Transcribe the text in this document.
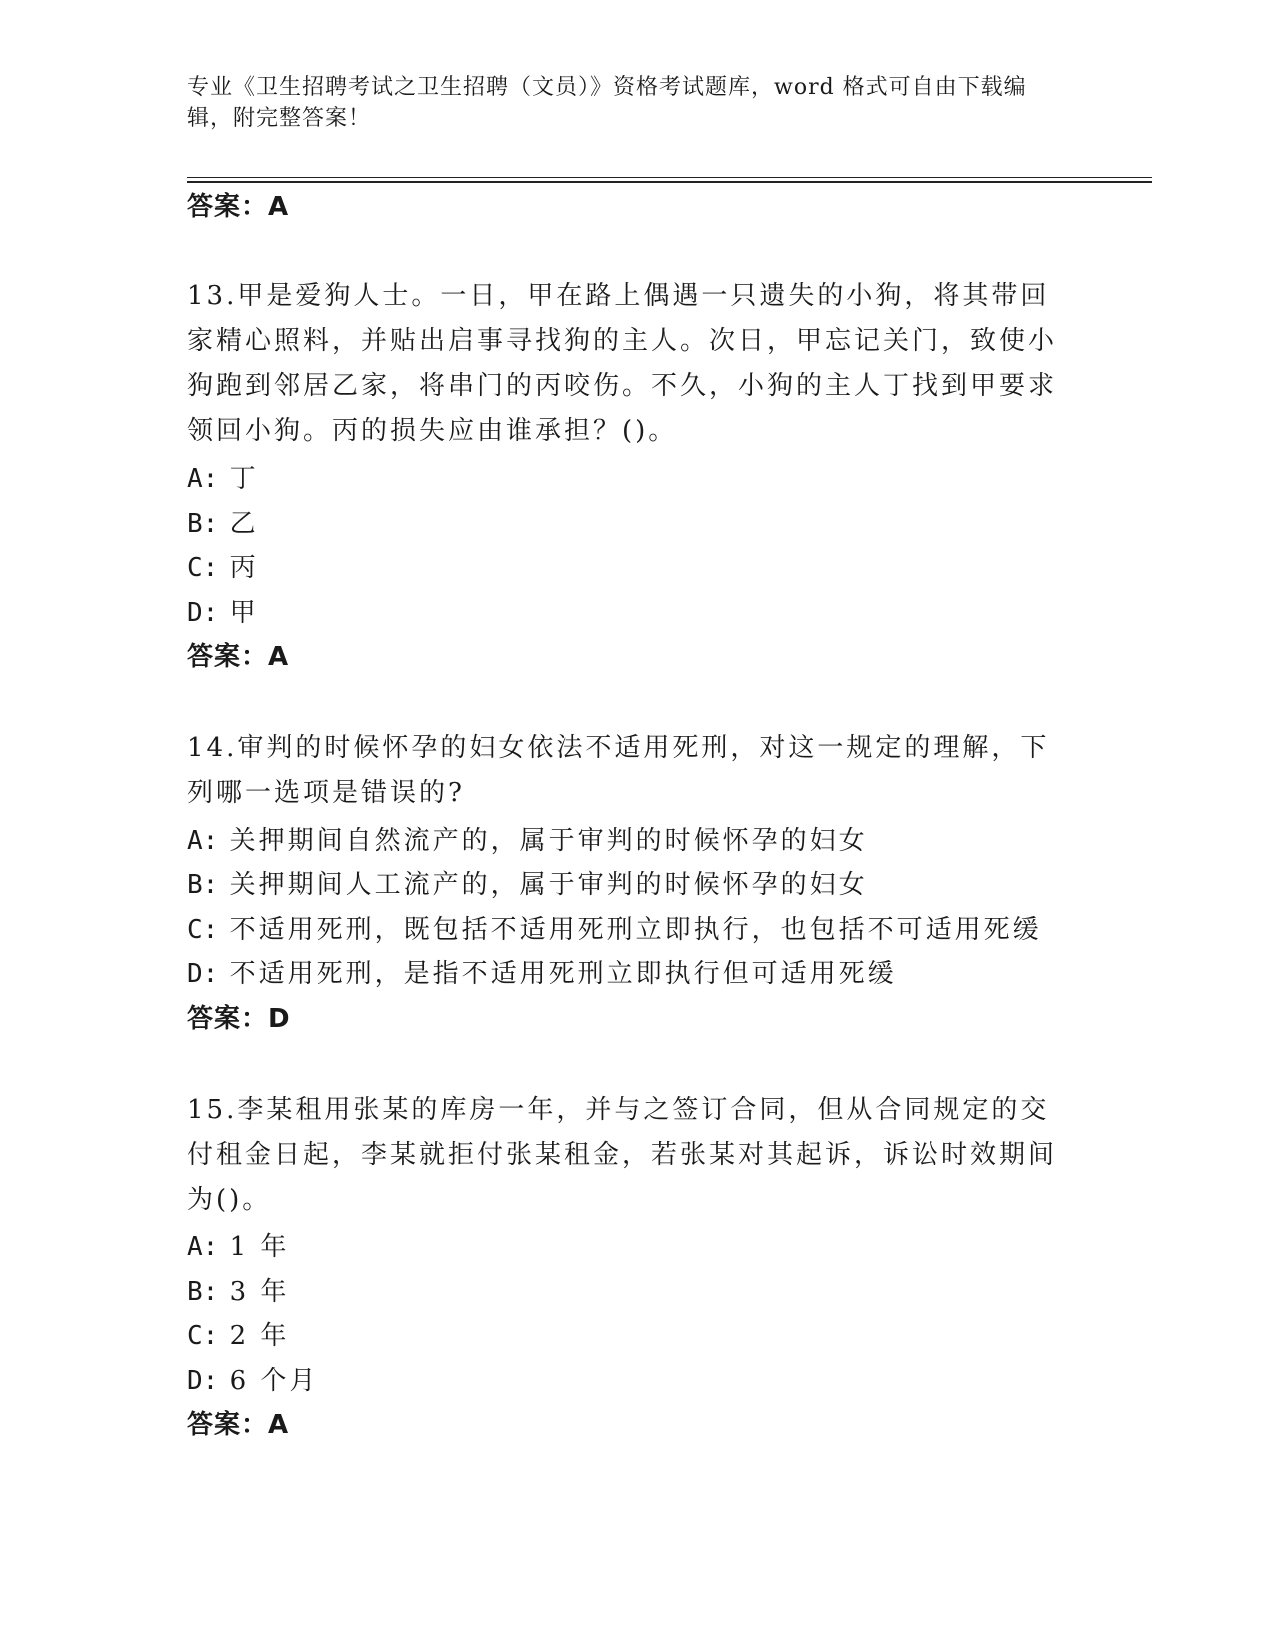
专业《卫生招聘考试之卫生招聘（文员）》资格考试题库，word 格式可自由下载编辑，附完整答案！
答案：A
13.甲是爱狗人士。一日，甲在路上偶遇一只遗失的小狗，将其带回家精心照料，并贴出启事寻找狗的主人。次日，甲忘记关门，致使小狗跑到邻居乙家，将串门的丙咬伤。不久，小狗的主人丁找到甲要求领回小狗。丙的损失应由谁承担？()。
A: 丁
B: 乙
C: 丙
D: 甲
答案：A
14.审判的时候怀孕的妇女依法不适用死刑，对这一规定的理解，下列哪一选项是错误的?
A: 关押期间自然流产的，属于审判的时候怀孕的妇女
B: 关押期间人工流产的，属于审判的时候怀孕的妇女
C: 不适用死刑，既包括不适用死刑立即执行，也包括不可适用死缓
D: 不适用死刑，是指不适用死刑立即执行但可适用死缓
答案：D
15.李某租用张某的库房一年，并与之签订合同，但从合同规定的交付租金日起，李某就拒付张某租金，若张某对其起诉，诉讼时效期间为()。
A: 1 年
B: 3 年
C: 2 年
D: 6 个月
答案：A
